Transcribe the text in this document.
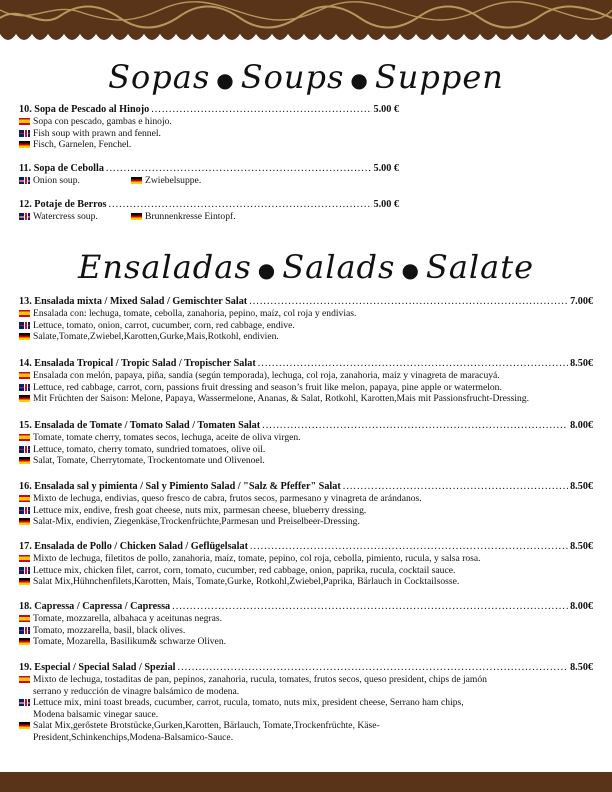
Sopas ● Soups ● Suppen
10. Sopa de Pescado al Hinojo .....	5.00 €
Sopa con pescado, gambas e hinojo.
Fish soup with prawn and fennel.
Fisch, Garnelen, Fenchel.
11. Sopa de Cebolla .....	5.00 €
Onion soup.	Zwiebelsuppe.
12. Potaje de Berros .....	5.00 €
Watercress soup.	Brunnenkresse Eintopf.
Ensaladas ● Salads ● Salate
13. Ensalada mixta / Mixed Salad / Gemischter Salat .....	7.00€
Ensalada con: lechuga, tomate, cebolla, zanahoria, pepino, maíz, col roja y endivias.
Lettuce, tomato, onion, carrot, cucumber, corn, red cabbage, endive.
Salate,Tomate,Zwiebel,Karotten,Gurke,Mais,Rotkohl, endivien.
14. Ensalada Tropical / Tropic Salad / Tropischer Salat .....	8.50€
Ensalada con melón, papaya, piña, sandía (según temporada), lechuga, col roja, zanahoria, maíz y vinagreta de maracuyá.
Lettuce, red cabbage, carrot, corn, passions fruit dressing and season’s fruit like melon, papaya, pine apple or watermelon.
Mit Früchten der Saison: Melone, Papaya, Wassermelone, Ananas, & Salat, Rotkohl, Karotten,Mais mit Passionsfrucht-Dressing.
15. Ensalada de Tomate / Tomato Salad / Tomaten Salat .....	8.00€
Tomate, tomate cherry, tomates secos, lechuga, aceite de oliva virgen.
Lettuce, tomato, cherry tomato, sundried tomatoes, olive oil.
Salat, Tomate, Cherrytomate, Trockentomate und Olivenoel.
16. Ensalada sal y pimienta / Sal y Pimiento Salad / "Salz & Pfeffer" Salat .....	8.50€
Mixto de lechuga, endivias, queso fresco de cabra, frutos secos, parmesano y vinagreta de arándanos.
Lettuce mix, endive, fresh goat cheese, nuts mix, parmesan cheese, blueberry dressing.
Salat-Mix, endivien, Ziegenkäse,Trockenfrüchte,Parmesan und Preiselbeer-Dressing.
17. Ensalada de Pollo / Chicken Salad / Geflügelsalat .....	8.50€
Mixto de lechuga, filetitos de pollo, zanahoria, maíz, tomate, pepino, col roja, cebolla, pimiento, rucula, y salsa rosa.
Lettuce mix, chicken filet, carrot, corn, tomato, cucumber, red cabbage, onion, paprika, rucula, cocktail sauce.
Salat Mix,Hühnchenfilets,Karotten, Mais, Tomate,Gurke, Rotkohl,Zwiebel,Paprika, Bärlauch in Cocktailsosse.
18. Capressa / Capressa / Capressa .....	8.00€
Tomate, mozzarella, albahaca y aceitunas negras.
Tomato, mozzarella, basil, black olives.
Tomate, Mozarella, Basilikum& schwarze Oliven.
19. Especial / Special Salad / Spezial .....	8.50€
Mixto de lechuga, tostaditas de pan, pepinos, zanahoria, rucula, tomates, frutos secos, queso president, chips de jamón serrano y reducción de vinagre balsámico de modena.
Lettuce mix, mini toast breads, cucumber, carrot, rucula, tomato, nuts mix, president cheese, Serrano ham chips, Modena balsamic vinegar sauce.
Salat Mix,gerőstete Brotstücke,Gurken,Karotten, Bärlauch, Tomate,Trockenfrüchte, Käse-President,Schinkenchips,Modena-Balsamico-Sauce.
